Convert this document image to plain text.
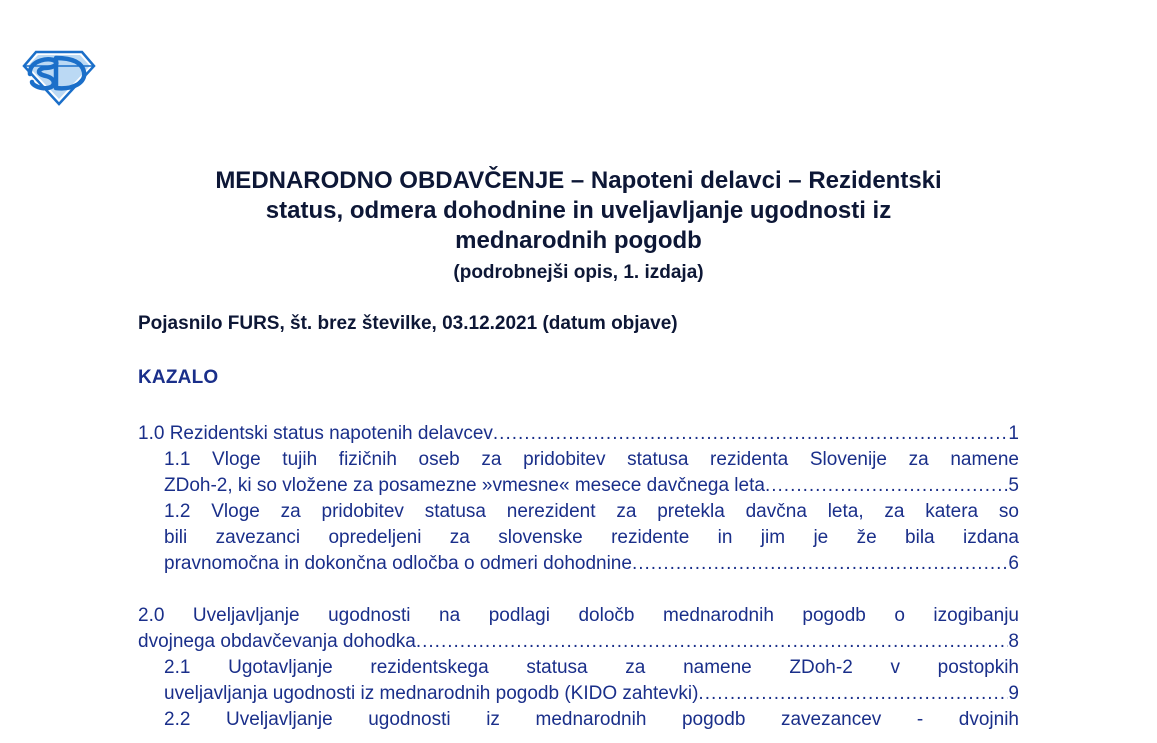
MEDNARODNO OBDAVČENJE – Napoteni delavci – Rezidentski
status, odmera dohodnine in uveljavljanje ugodnosti iz
mednarodnih pogodb
(podrobnejši opis, 1. izdaja)
Pojasnilo FURS, št. brez številke, 03.12.2021 (datum objave)
KAZALO
1.0 Rezidentski status napotenih delavcev .....	1
1.1 Vloge tujih fizičnih oseb za pridobitev statusa rezidenta Slovenije za namene
ZDoh-2, ki so vložene za posamezne »vmesne« mesece davčnega leta .....	5
1.2 Vloge za pridobitev statusa nerezident za pretekla davčna leta, za katera so
bili zavezanci opredeljeni za slovenske rezidente in jim je že bila izdana
pravnomočna in dokončna odločba o odmeri dohodnine .....	6
2.0 Uveljavljanje ugodnosti na podlagi določb mednarodnih pogodb o izogibanju
dvojnega obdavčevanja dohodka .....	8
2.1 Ugotavljanje rezidentskega statusa za namene ZDoh-2 v postopkih
uveljavljanja ugodnosti iz mednarodnih pogodb (KIDO zahtevki) .....	9
2.2 Uveljavljanje ugodnosti iz mednarodnih pogodb zavezancev - dvojnih
